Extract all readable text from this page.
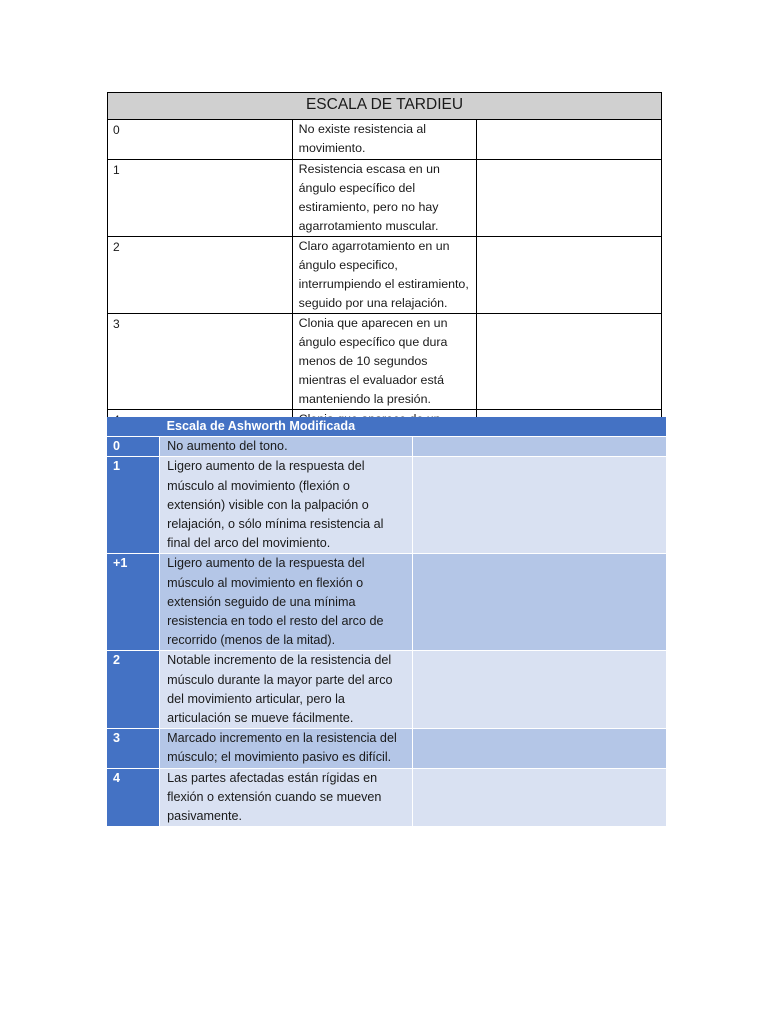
ESCALA DE TARDIEU		
0	No existe resistencia al movimiento.	
1	Resistencia escasa en un ángulo específico del estiramiento, pero no hay agarrotamiento muscular.	
2	Claro agarrotamiento en un ángulo especifico, interrumpiendo el estiramiento, seguido por una relajación.	
3	Clonia que aparecen en un ángulo específico que dura menos de 10 segundos mientras el evaluador está manteniendo la presión.	

	Escala de Ashworth Modificada	
0	No aumento del tono.	
1	Ligero aumento de la respuesta del músculo al movimiento (flexión o extensión) visible con la palpación o relajación, o sólo mínima resistencia al final del arco del movimiento.	
+1	Ligero aumento de la respuesta del músculo al movimiento en flexión o extensión seguido de una mínima resistencia en todo el resto del arco de recorrido (menos de la mitad).	
2	Notable incremento de la resistencia del músculo durante la mayor parte del arco del movimiento articular, pero la articulación se mueve fácilmente.	
3	Marcado incremento en la resistencia del músculo; el movimiento pasivo es difícil.	
4	Las partes afectadas están rígidas en flexión o extensión cuando se mueven pasivamente.	
